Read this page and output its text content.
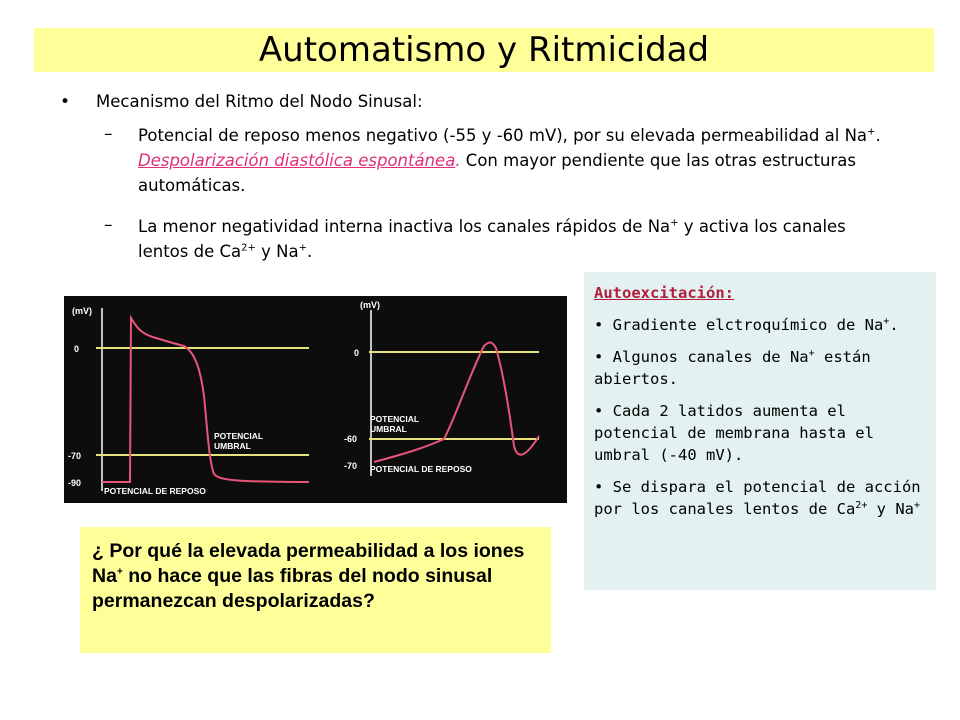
Automatismo y Ritmicidad
• Mecanismo del Ritmo del Nodo Sinusal:
– Potencial de reposo menos negativo (-55 y -60 mV), por su elevada permeabilidad al Na+. Despolarización diastólica espontánea. Con mayor pendiente que las otras estructuras automáticas.
– La menor negatividad interna inactiva los canales rápidos de Na+ y activa los canales lentos de $Ca^{2+}$ y Na+.
(mV)
0
-70
-90
POTENCIAL
UMBRAL
POTENCIAL DE REPOSO
(mV)
0
-60
-70
POTENCIAL
UMBRAL
POTENCIAL DE REPOSO

Autoexcitación:

• Gradiente elctroquímico de Na+.

• Algunos canales de Na+ están abiertos.

• Cada 2 latidos aumenta el potencial de membrana hasta el umbral (-40 mV).

• Se dispara el potencial de acción por los canales lentos de $Ca^{2+}$ y Na+

¿ Por qué la elevada permeabilidad a los iones Na+ no hace que las fibras del nodo sinusal permanezcan despolarizadas?
